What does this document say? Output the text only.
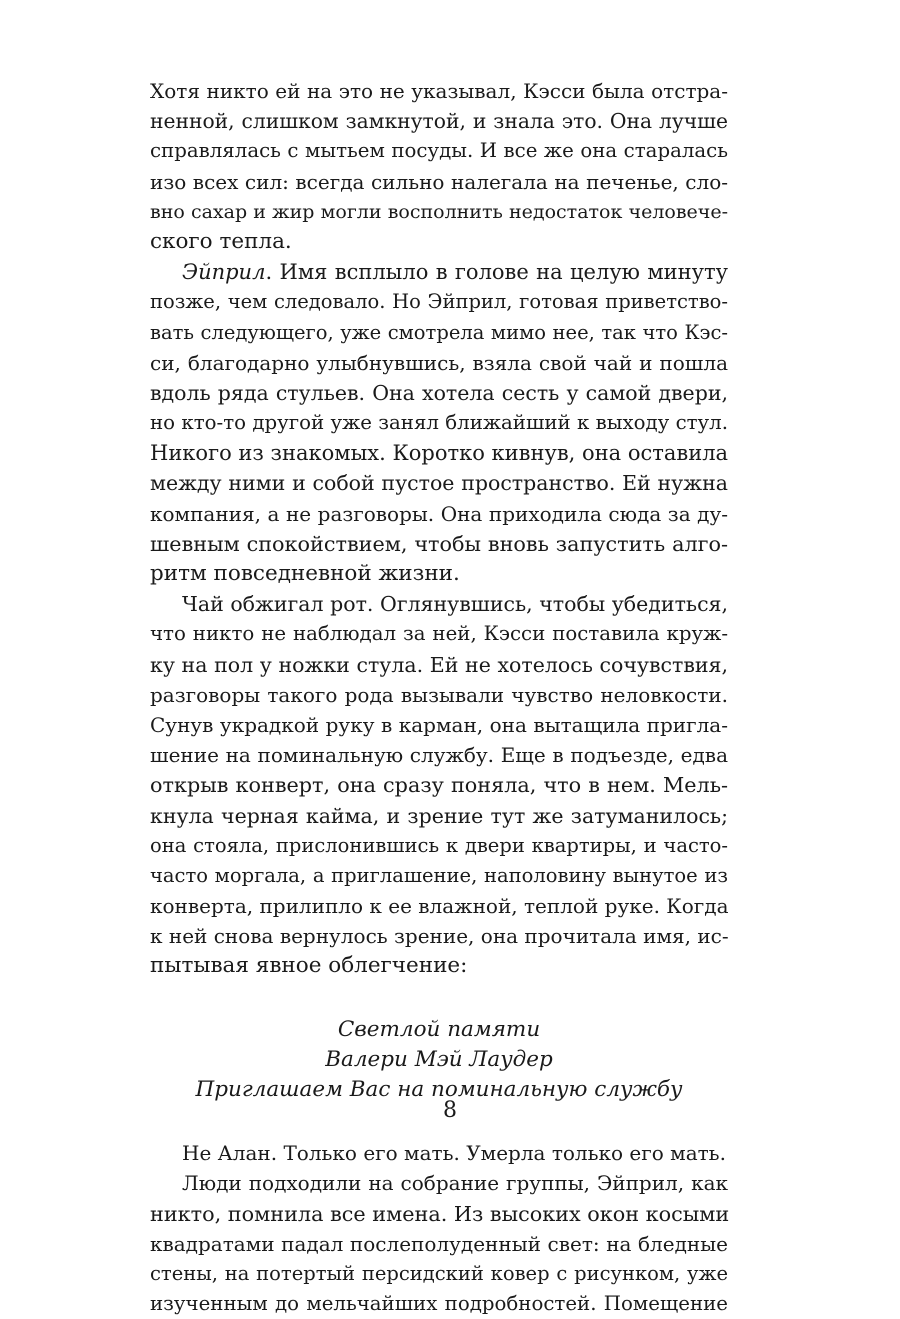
Хотя никто ей на это не указывал, Кэсси была отстра-
ненной, слишком замкнутой, и знала это. Она лучше
справлялась с мытьем посуды. И все же она старалась
изо всех сил: всегда сильно налегала на печенье, сло-
вно сахар и жир могли восполнить недостаток человече-
ского тепла.
Эйприл. Имя всплыло в голове на целую минуту
позже, чем следовало. Но Эйприл, готовая приветство-
вать следующего, уже смотрела мимо нее, так что Кэс-
си, благодарно улыбнувшись, взяла свой чай и пошла
вдоль ряда стульев. Она хотела сесть у самой двери,
но кто-то другой уже занял ближайший к выходу стул.
Никого из знакомых. Коротко кивнув, она оставила
между ними и собой пустое пространство. Ей нужна
компания, а не разговоры. Она приходила сюда за ду-
шевным спокойствием, чтобы вновь запустить алго-
ритм повседневной жизни.
Чай обжигал рот. Оглянувшись, чтобы убедиться,
что никто не наблюдал за ней, Кэсси поставила круж-
ку на пол у ножки стула. Ей не хотелось сочувствия,
разговоры такого рода вызывали чувство неловкости.
Сунув украдкой руку в карман, она вытащила пригла-
шение на поминальную службу. Еще в подъезде, едва
открыв конверт, она сразу поняла, что в нем. Мель-
кнула черная кайма, и зрение тут же затуманилось;
она стояла, прислонившись к двери квартиры, и часто-
часто моргала, а приглашение, наполовину вынутое из
конверта, прилипло к ее влажной, теплой руке. Когда
к ней снова вернулось зрение, она прочитала имя, ис-
пытывая явное облегчение:
Светлой памяти
Валери Мэй Лаудер
Приглашаем Вас на поминальную службу
Не Алан. Только его мать. Умерла только его мать.
Люди подходили на собрание группы, Эйприл, как
никто, помнила все имена. Из высоких окон косыми
квадратами падал послеполуденный свет: на бледные
стены, на потертый персидский ковер с рисунком, уже
изученным до мельчайших подробностей. Помещение
8
